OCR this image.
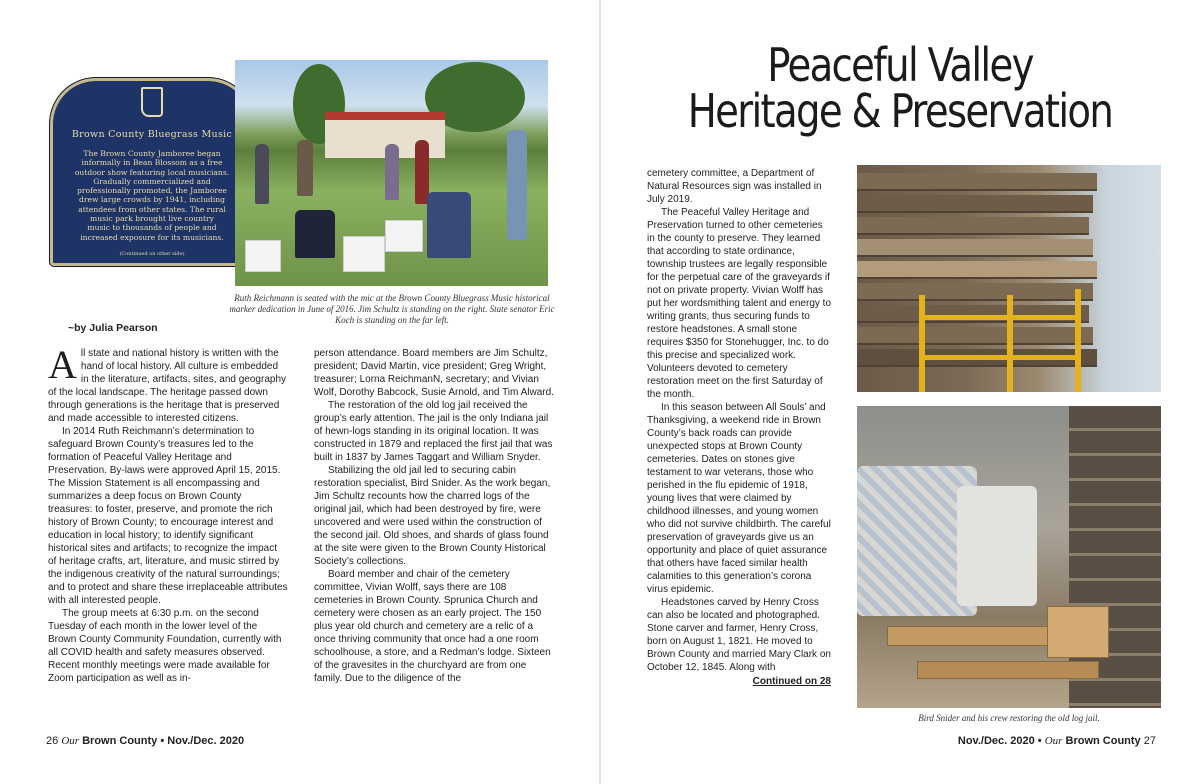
Brown County Bluegrass Music
The Brown County Jamboree began
informally in Bean Blossom as a free
outdoor show featuring local musicians.
Gradually commercialized and
professionally promoted, the Jamboree
drew large crowds by 1941, including
attendees from other states. The rural
music park brought live country
music to thousands of people and
increased exposure for its musicians.
(Continued on other side)
Ruth Reichmann is seated with the mic at the Brown County Bluegrass Music historical marker dedication in June of 2016. Jim Schultz is standing on the right. State senator Eric Koch is standing on the far left.
~by Julia Pearson

All state and national history is written with the hand of local history. All culture is embedded in the literature, artifacts, sites, and geography of the local landscape. The heritage passed down through generations is the heritage that is preserved and made accessible to interested citizens.

In 2014 Ruth Reichmann’s determination to safeguard Brown County’s treasures led to the formation of Peaceful Valley Heritage and Preservation. By-laws were approved April 15, 2015. The Mission Statement is all encompassing and summarizes a deep focus on Brown County treasures: to foster, preserve, and promote the rich history of Brown County; to encourage interest and education in local history; to identify significant historical sites and artifacts; to recognize the impact of heritage crafts, art, literature, and music stirred by the indigenous creativity of the natural surroundings; and to protect and share these irreplaceable attributes with all interested people.

The group meets at 6:30 p.m. on the second Tuesday of each month in the lower level of the Brown County Community Foundation, currently with all COVID health and safety measures observed. Recent monthly meetings were made available for Zoom participation as well as in-

person attendance. Board members are Jim Schultz, president; David Martin, vice president; Greg Wright, treasurer; Lorna ReichmanN, secretary; and Vivian Wolf, Dorothy Babcock, Susie Arnold, and Tim Alward.

The restoration of the old log jail received the group’s early attention. The jail is the only Indiana jail of hewn-logs standing in its original location. It was constructed in 1879 and replaced the first jail that was built in 1837 by James Taggart and William Snyder.

Stabilizing the old jail led to securing cabin restoration specialist, Bird Snider. As the work began, Jim Schultz recounts how the charred logs of the original jail, which had been destroyed by fire, were uncovered and were used within the construction of the second jail. Old shoes, and shards of glass found at the site were given to the Brown County Historical Society’s collections.

Board member and chair of the cemetery committee, Vivian Wolff, says there are 108 cemeteries in Brown County. Sprunica Church and cemetery were chosen as an early project. The 150 plus year old church and cemetery are a relic of a once thriving community that once had a one room schoolhouse, a store, and a Redman’s lodge. Sixteen of the gravesites in the churchyard are from one family. Due to the diligence of the

Peaceful Valley
Heritage & Preservation

cemetery committee, a Department of Natural Resources sign was installed in July 2019.

The Peaceful Valley Heritage and Preservation turned to other cemeteries in the county to preserve. They learned that according to state ordinance, township trustees are legally responsible for the perpetual care of the graveyards if not on private property. Vivian Wolff has put her wordsmithing talent and energy to writing grants, thus securing funds to restore headstones. A small stone requires $350 for Stonehugger, Inc. to do this precise and specialized work. Volunteers devoted to cemetery restoration meet on the first Saturday of the month.

In this season between All Souls’ and Thanksgiving, a weekend ride in Brown County’s back roads can provide unexpected stops at Brown County cemeteries. Dates on stones give testament to war veterans, those who perished in the flu epidemic of 1918, young lives that were claimed by childhood illnesses, and young women who did not survive childbirth. The careful preservation of graveyards give us an opportunity and place of quiet assurance that others have faced similar health calamities to this generation’s corona virus epidemic.

Headstones carved by Henry Cross can also be located and photographed. Stone carver and farmer, Henry Cross, born on August 1, 1821. He moved to Brown County and married Mary Clark on October 12, 1845. Along with

Continued on 28
Bird Snider and his crew restoring the old log jail.
26 Our Brown County • Nov./Dec. 2020	Nov./Dec. 2020 • Our Brown County 27
